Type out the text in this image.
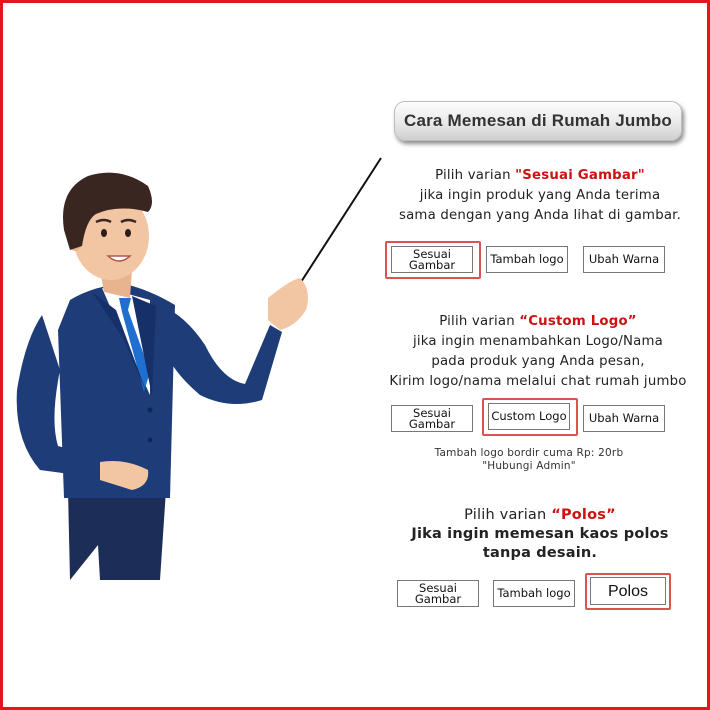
Cara Memesan di Rumah Jumbo
Pilih varian "Sesuai Gambar"
jika ingin produk yang Anda terima
sama dengan yang Anda lihat di gambar.
Sesuai Gambar	Tambah logo	Ubah Warna
Pilih varian “Custom Logo”
jika ingin menambahkan Logo/Nama
pada produk yang Anda pesan,
Kirim logo/nama melalui chat rumah jumbo
Sesuai Gambar
Custom Logo	Ubah Warna
Tambah logo bordir cuma Rp: 20rb
"Hubungi Admin"
Pilih varian “Polos”
Jika ingin memesan kaos polos
tanpa desain.
Sesuai Gambar	Tambah logo	Polos
